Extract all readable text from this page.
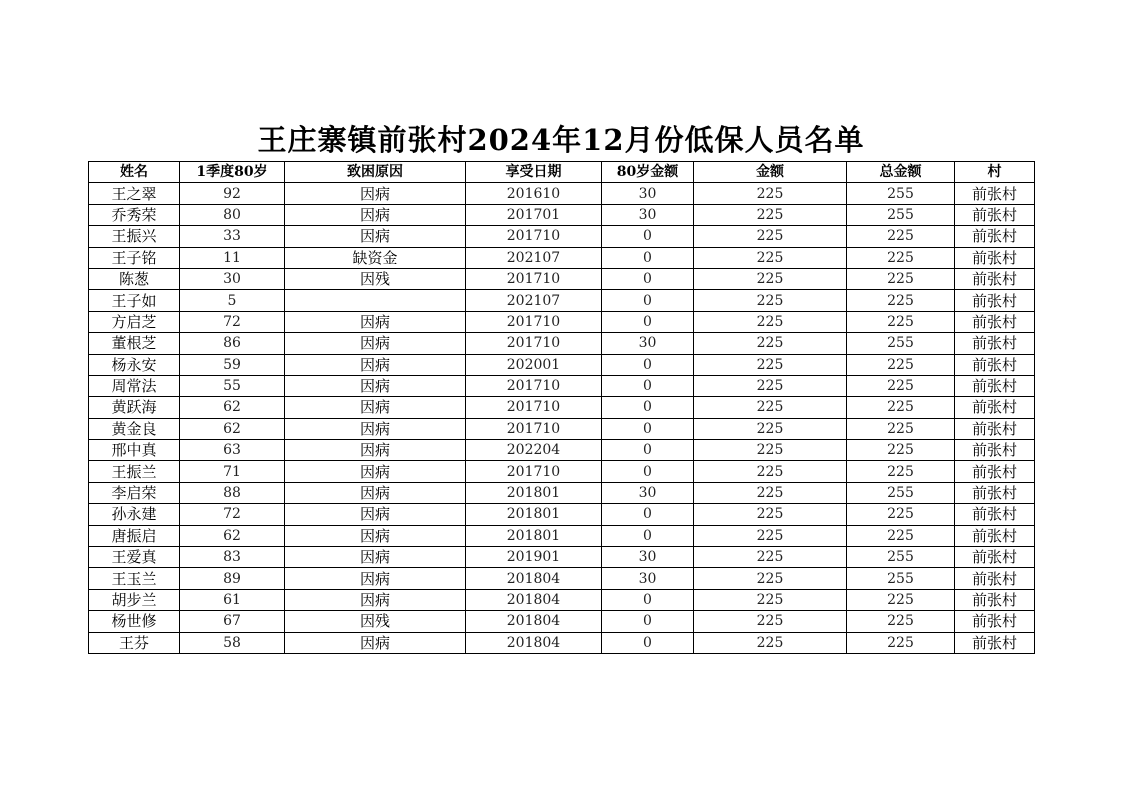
王庄寨镇前张村2024年12月份低保人员名单
姓名	1季度80岁	致困原因	享受日期	80岁金额	金额	总金额	村
王之翠	92	因病	201610	30	225	255	前张村
乔秀荣	80	因病	201701	30	225	255	前张村
王振兴	33	因病	201710	0	225	225	前张村
王子铭	11	缺资金	202107	0	225	225	前张村
陈葱	30	因残	201710	0	225	225	前张村
王子如	5		202107	0	225	225	前张村
方启芝	72	因病	201710	0	225	225	前张村
董根芝	86	因病	201710	30	225	255	前张村
杨永安	59	因病	202001	0	225	225	前张村
周常法	55	因病	201710	0	225	225	前张村
黄跃海	62	因病	201710	0	225	225	前张村
黄金良	62	因病	201710	0	225	225	前张村
邢中真	63	因病	202204	0	225	225	前张村
王振兰	71	因病	201710	0	225	225	前张村
李启荣	88	因病	201801	30	225	255	前张村
孙永建	72	因病	201801	0	225	225	前张村
唐振启	62	因病	201801	0	225	225	前张村
王爱真	83	因病	201901	30	225	255	前张村
王玉兰	89	因病	201804	30	225	255	前张村
胡步兰	61	因病	201804	0	225	225	前张村
杨世修	67	因残	201804	0	225	225	前张村
王芬	58	因病	201804	0	225	225	前张村
